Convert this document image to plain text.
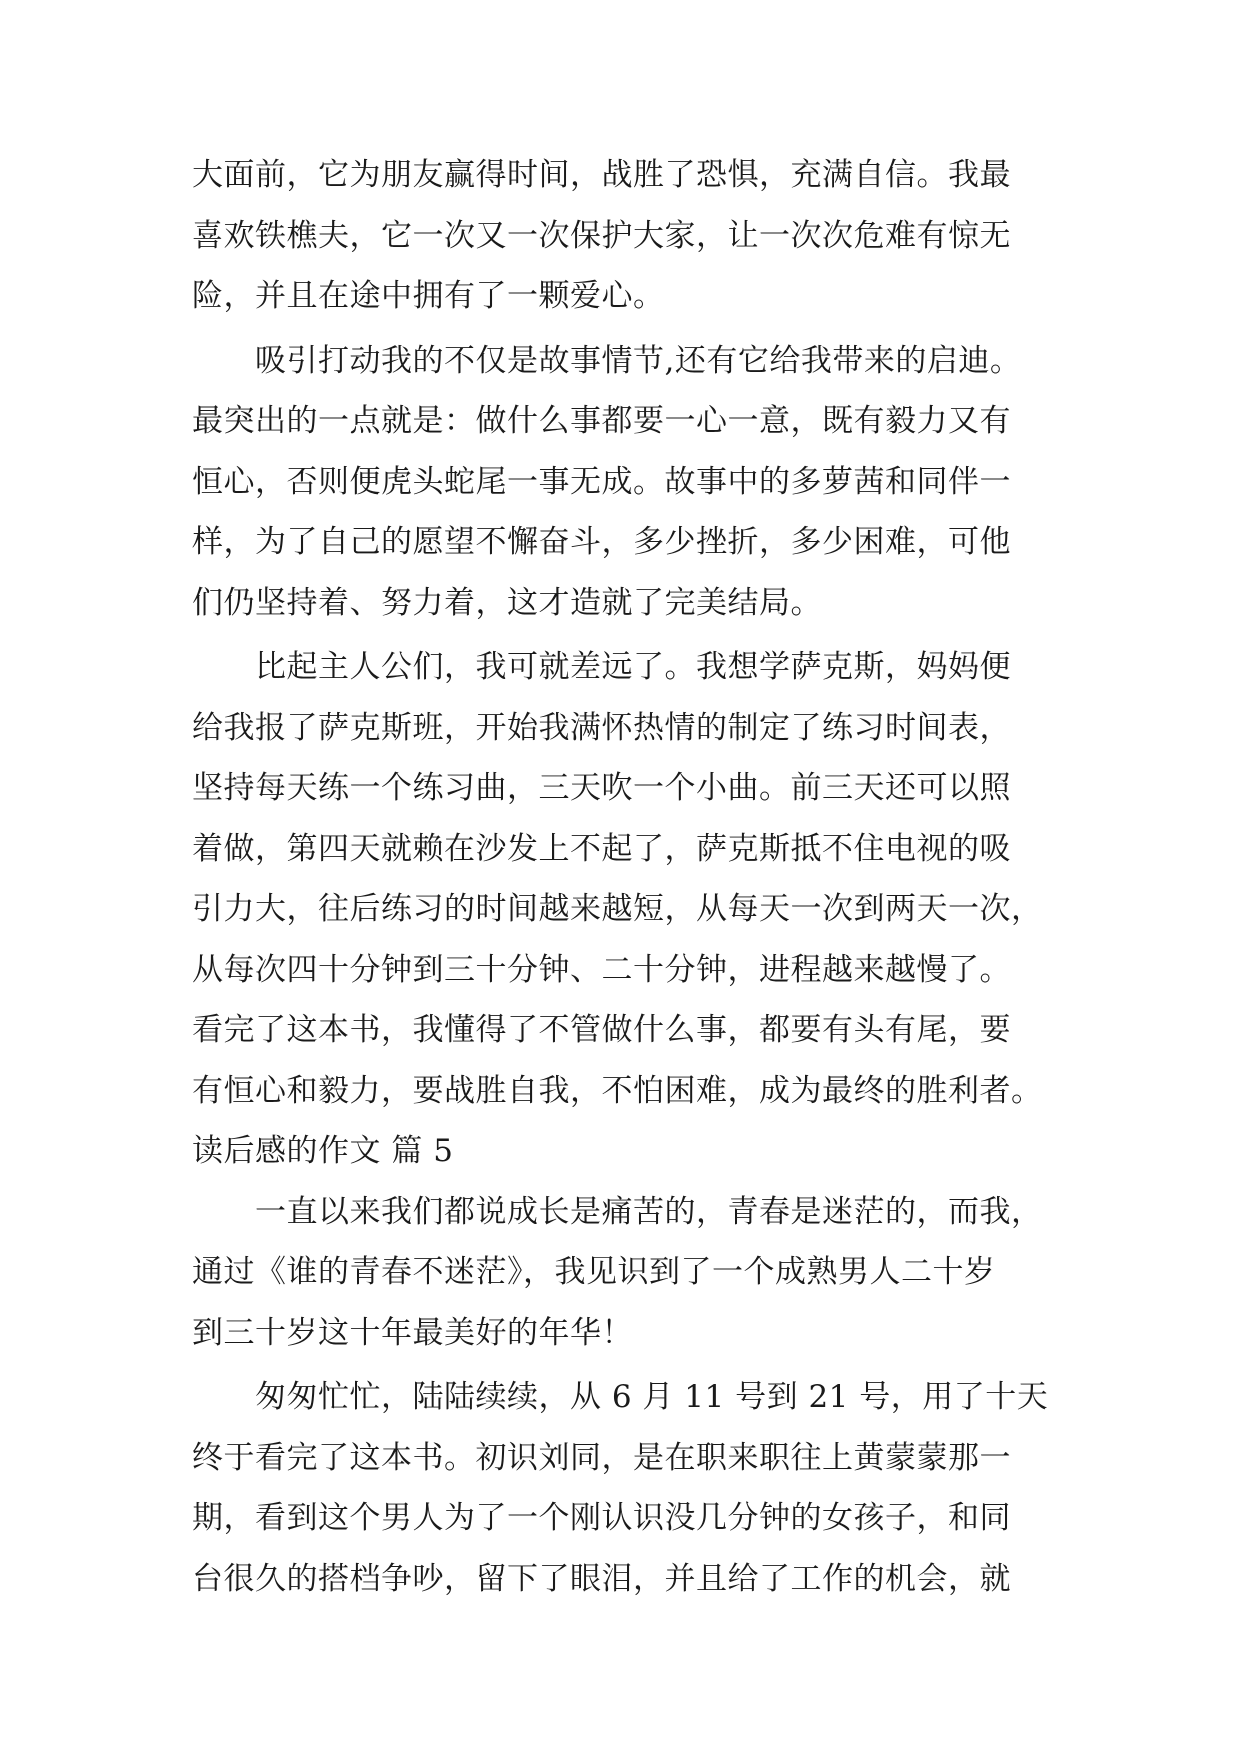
大面前，它为朋友赢得时间，战胜了恐惧，充满自信。我最
喜欢铁樵夫，它一次又一次保护大家，让一次次危难有惊无
险，并且在途中拥有了一颗爱心。
　　吸引打动我的不仅是故事情节,还有它给我带来的启迪。
最突出的一点就是：做什么事都要一心一意，既有毅力又有
恒心，否则便虎头蛇尾一事无成。故事中的多萝茜和同伴一
样，为了自己的愿望不懈奋斗，多少挫折，多少困难，可他
们仍坚持着、努力着，这才造就了完美结局。
　　比起主人公们，我可就差远了。我想学萨克斯，妈妈便
给我报了萨克斯班，开始我满怀热情的制定了练习时间表，
坚持每天练一个练习曲，三天吹一个小曲。前三天还可以照
着做，第四天就赖在沙发上不起了，萨克斯抵不住电视的吸
引力大，往后练习的时间越来越短，从每天一次到两天一次，
从每次四十分钟到三十分钟、二十分钟，进程越来越慢了。
看完了这本书，我懂得了不管做什么事，都要有头有尾，要
有恒心和毅力，要战胜自我，不怕困难，成为最终的胜利者。
读后感的作文 篇 5
　　一直以来我们都说成长是痛苦的，青春是迷茫的，而我，
通过《谁的青春不迷茫》，我见识到了一个成熟男人二十岁
到三十岁这十年最美好的年华！
　　匆匆忙忙，陆陆续续，从 6 月 11 号到 21 号，用了十天
终于看完了这本书。初识刘同，是在职来职往上黄蒙蒙那一
期，看到这个男人为了一个刚认识没几分钟的女孩子，和同
台很久的搭档争吵，留下了眼泪，并且给了工作的机会，就
